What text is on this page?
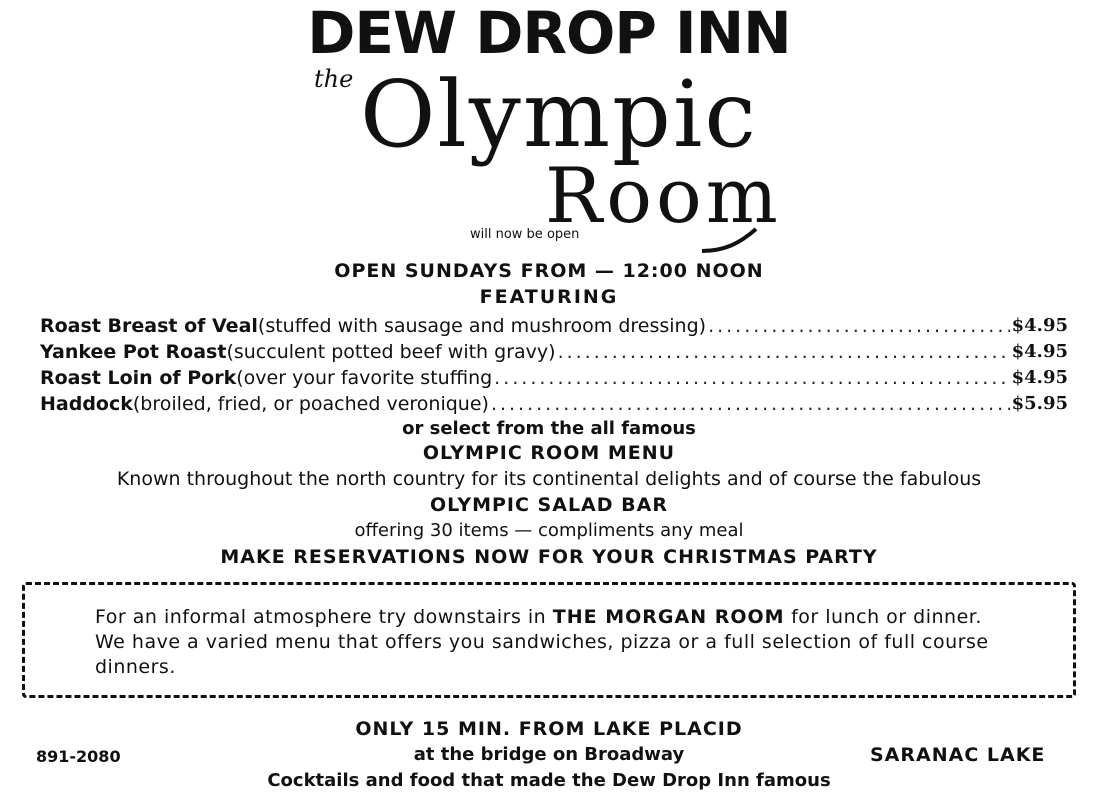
DEW DROP INN
the Olympic
Room
will now be open
OPEN SUNDAYS FROM — 12:00 NOON
FEATURING
Roast Breast of Veal (stuffed with sausage and mushroom dressing) .....	$4.95
Yankee Pot Roast (succulent potted beef with gravy) .....	$4.95
Roast Loin of Pork (over your favorite stuffing .....	$4.95
Haddock (broiled, fried, or poached veronique) .....	$5.95
or select from the all famous
OLYMPIC ROOM MENU
Known throughout the north country for its continental delights and of course the fabulous
OLYMPIC SALAD BAR
offering 30 items — compliments any meal
MAKE RESERVATIONS NOW FOR YOUR CHRISTMAS PARTY
For an informal atmosphere try downstairs in THE MORGAN ROOM for lunch or dinner. We have a varied menu that offers you sandwiches, pizza or a full selection of full course dinners.
ONLY 15 MIN. FROM LAKE PLACID
at the bridge on Broadway
Cocktails and food that made the Dew Drop Inn famous
891-2080	SARANAC LAKE
